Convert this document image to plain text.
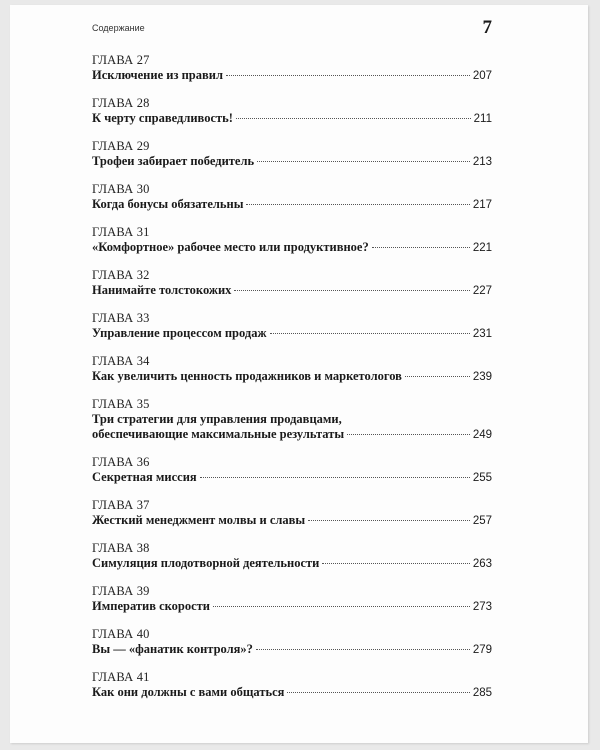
Содержание	7
ГЛАВА 27
Исключение из правил	207
ГЛАВА 28
К черту справедливость!	211
ГЛАВА 29
Трофеи забирает победитель	213
ГЛАВА 30
Когда бонусы обязательны	217
ГЛАВА 31
«Комфортное» рабочее место или продуктивное?	221
ГЛАВА 32
Нанимайте толстокожих	227
ГЛАВА 33
Управление процессом продаж	231
ГЛАВА 34
Как увеличить ценность продажников и маркетологов	239
ГЛАВА 35
Три стратегии для управления продавцами,
обеспечивающие максимальные результаты	249
ГЛАВА 36
Секретная миссия	255
ГЛАВА 37
Жесткий менеджмент молвы и славы	257
ГЛАВА 38
Симуляция плодотворной деятельности	263
ГЛАВА 39
Императив скорости	273
ГЛАВА 40
Вы — «фанатик контроля»?	279
ГЛАВА 41
Как они должны с вами общаться	285
